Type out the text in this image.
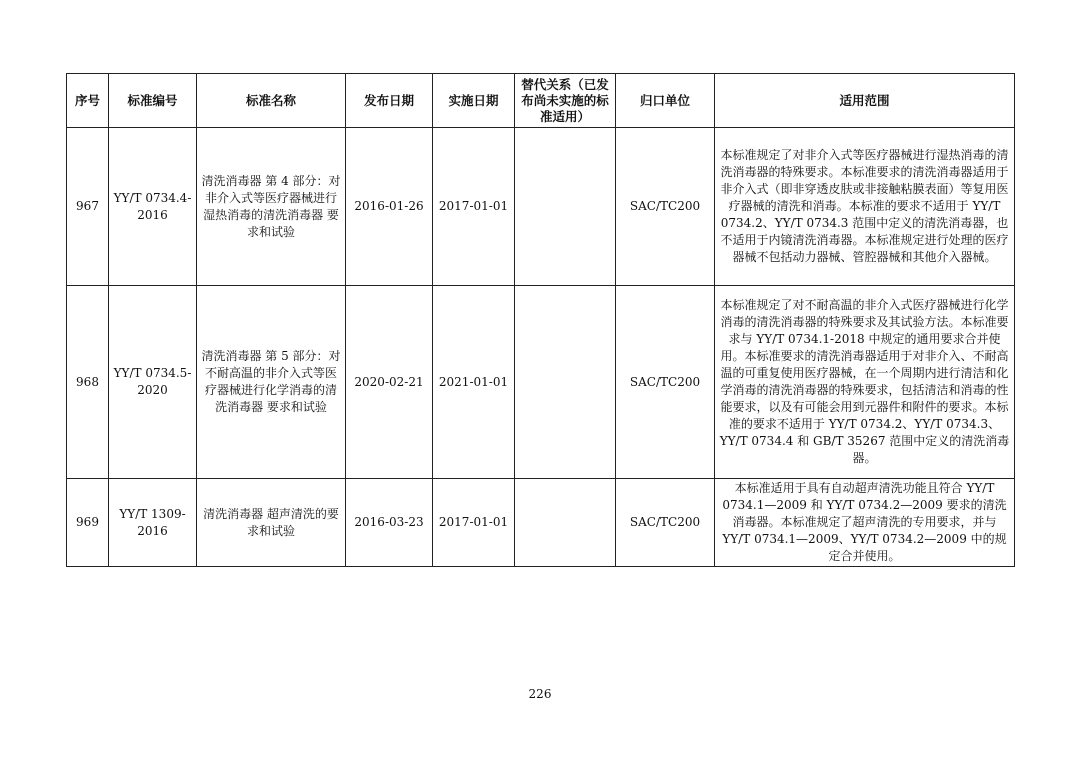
序号	标准编号	标准名称	发布日期	实施日期	替代关系（已发布尚未实施的标准适用）	归口单位	适用范围
967	YY/T 0734.4-2016	清洗消毒器 第 4 部分：对非介入式等医疗器械进行湿热消毒的清洗消毒器 要求和试验	2016-01-26	2017-01-01		SAC/TC200	本标准规定了对非介入式等医疗器械进行湿热消毒的清洗消毒器的特殊要求。本标准要求的清洗消毒器适用于非介入式（即非穿透皮肤或非接触粘膜表面）等复用医疗器械的清洗和消毒。本标准的要求不适用于 YY/T 0734.2、YY/T 0734.3 范围中定义的清洗消毒器，也不适用于内镜清洗消毒器。本标准规定进行处理的医疗器械不包括动力器械、管腔器械和其他介入器械。
968	YY/T 0734.5-2020	清洗消毒器 第 5 部分：对不耐高温的非介入式等医疗器械进行化学消毒的清洗消毒器 要求和试验	2020-02-21	2021-01-01		SAC/TC200	本标准规定了对不耐高温的非介入式医疗器械进行化学消毒的清洗消毒器的特殊要求及其试验方法。本标准要求与 YY/T 0734.1-2018 中规定的通用要求合并使用。本标准要求的清洗消毒器适用于对非介入、不耐高温的可重复使用医疗器械，在一个周期内进行清洁和化学消毒的清洗消毒器的特殊要求，包括清洁和消毒的性能要求，以及有可能会用到元器件和附件的要求。本标准的要求不适用于 YY/T 0734.2、YY/T 0734.3、YY/T 0734.4 和 GB/T 35267 范围中定义的清洗消毒器。
969	YY/T 1309-2016	清洗消毒器 超声清洗的要求和试验	2016-03-23	2017-01-01		SAC/TC200	本标准适用于具有自动超声清洗功能且符合 YY/T 0734.1—2009 和 YY/T 0734.2—2009 要求的清洗消毒器。本标准规定了超声清洗的专用要求，并与 YY/T 0734.1—2009、YY/T 0734.2—2009 中的规定合并使用。
226
